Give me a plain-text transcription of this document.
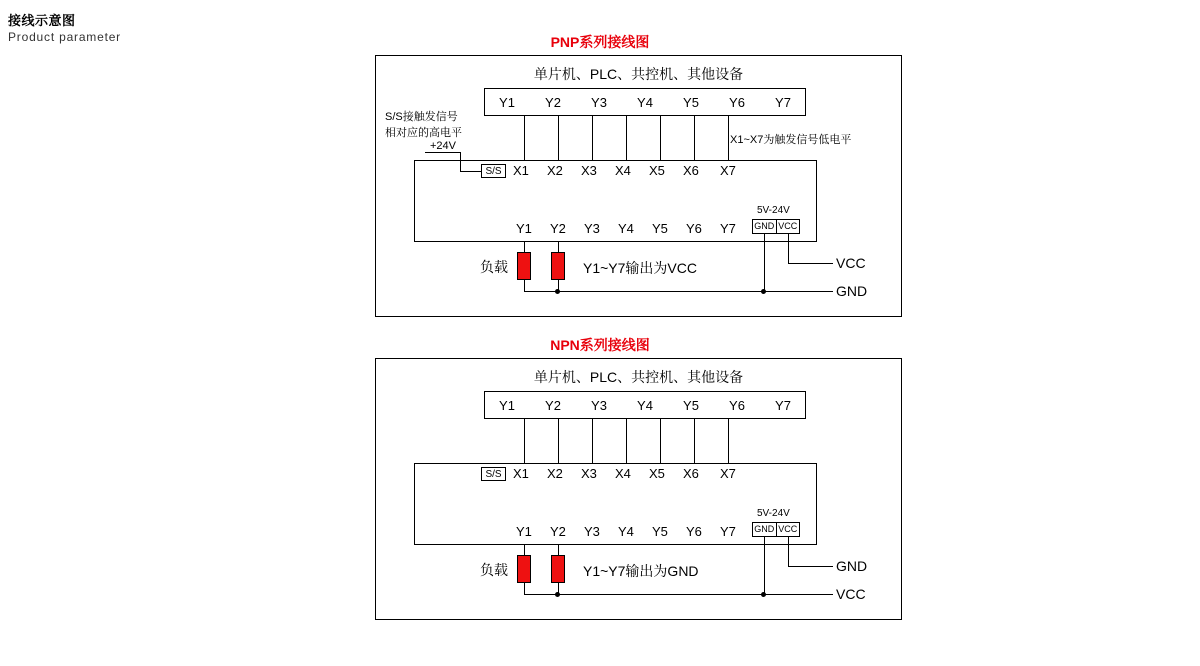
接线示意图
Product parameter	PNP系列接线图
单片机、PLC、共控机、其他设备
Y1	Y2	Y3	Y4	Y5	Y6	Y7
S/S接触发信号
相对应的高电平
+24V	X1~X7为触发信号低电平
S/S X1 X2 X3 X4 X5 X6 X7
Y1 Y2 Y3 Y4 Y5 Y6 Y7
5V-24V
GND VCC
负载	Y1~Y7输出为VCC	VCC
GND
NPN系列接线图
单片机、PLC、共控机、其他设备
Y1	Y2	Y3	Y4	Y5	Y6	Y7
S/S X1 X2 X3 X4 X5 X6 X7
Y1 Y2 Y3 Y4 Y5 Y6 Y7
5V-24V
GND VCC
负载	Y1~Y7输出为GND	GND
VCC
